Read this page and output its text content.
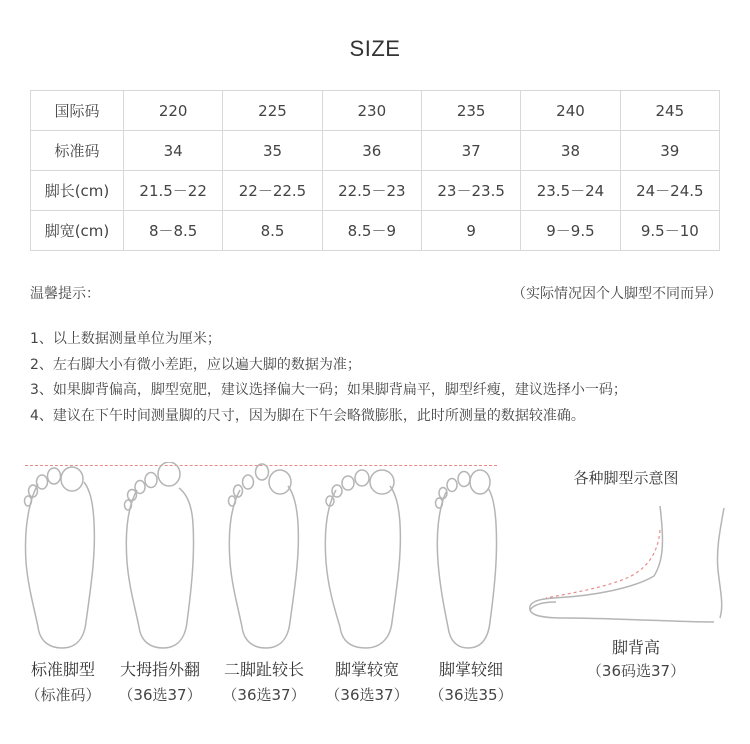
SIZE
国际码	220	225	230	235	240	245
标准码	34	35	36	37	38	39
脚长(cm)	21.5－22	22－22.5	22.5－23	23－23.5	23.5－24	24－24.5
脚宽(cm)	8－8.5	8.5	8.5－9	9	9－9.5	9.5－10
温馨提示：	（实际情况因个人脚型不同而异）
1、以上数据测量单位为厘米；
2、左右脚大小有微小差距，应以遍大脚的数据为准；
3、如果脚背偏高，脚型宽肥，建议选择偏大一码；如果脚背扁平，脚型纤瘦，建议选择小一码；
4、建议在下午时间测量脚的尺寸，因为脚在下午会略微膨胀，此时所测量的数据较准确。
标准脚型
（标准码）
大拇指外翻
（36选37）
二脚趾较长
（36选37）
脚掌较宽
（36选37）
脚掌较细
（36选35）
各种脚型示意图
脚背高
（36码选37）
